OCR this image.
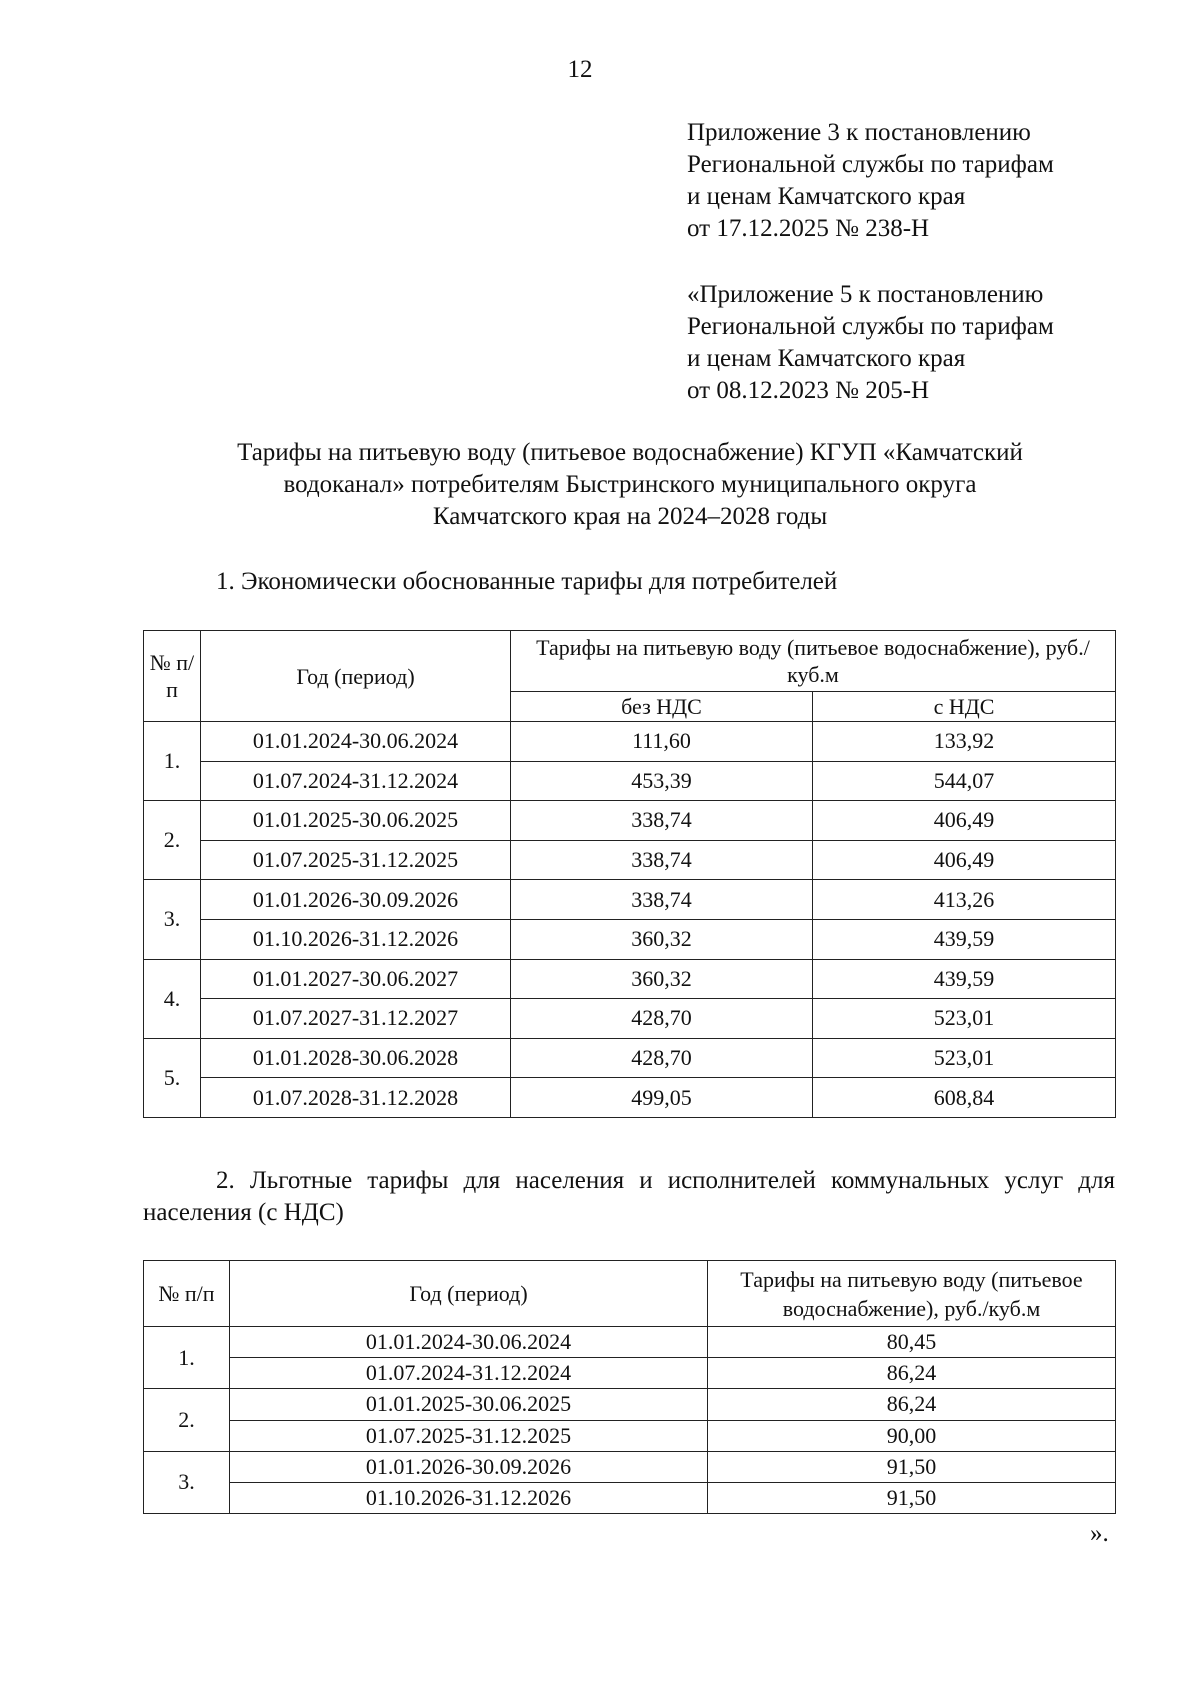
12
Приложение 3 к постановлению
Региональной службы по тарифам
и ценам Камчатского края
от 17.12.2025 № 238-Н
«Приложение 5 к постановлению
Региональной службы по тарифам
и ценам Камчатского края
от 08.12.2023 № 205-Н
Тарифы на питьевую воду (питьевое водоснабжение) КГУП «Камчатский
водоканал» потребителям Быстринского муниципального округа
Камчатского края на 2024–2028 годы
1. Экономически обоснованные тарифы для потребителей
№ п/п	Год (период)	Тарифы на питьевую воду (питьевое водоснабжение), руб./куб.м	
		без НДС	с НДС
1.	01.01.2024-30.06.2024	111,60	133,92
	01.07.2024-31.12.2024	453,39	544,07
2.	01.01.2025-30.06.2025	338,74	406,49
	01.07.2025-31.12.2025	338,74	406,49
3.	01.01.2026-30.09.2026	338,74	413,26
	01.10.2026-31.12.2026	360,32	439,59
4.	01.01.2027-30.06.2027	360,32	439,59
	01.07.2027-31.12.2027	428,70	523,01
5.	01.01.2028-30.06.2028	428,70	523,01
	01.07.2028-31.12.2028	499,05	608,84
2. Льготные тарифы для населения и исполнителей коммунальных услуг для населения (с НДС)
№ п/п	Год (период)	Тарифы на питьевую воду (питьевое водоснабжение), руб./куб.м
1.	01.01.2024-30.06.2024	80,45
	01.07.2024-31.12.2024	86,24
2.	01.01.2025-30.06.2025	86,24
	01.07.2025-31.12.2025	90,00
3.	01.01.2026-30.09.2026	91,50
	01.10.2026-31.12.2026	91,50
».
